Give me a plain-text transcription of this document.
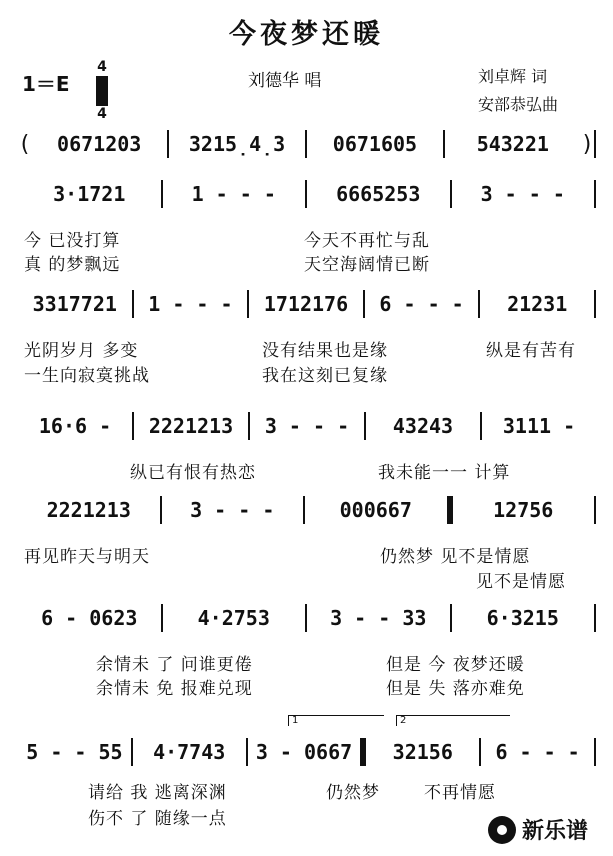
今夜梦还暖
1＝E
4
4
刘德华 唱	刘卓辉 词
安部恭弘曲
(	0671203	3215̣4̣3	0671605	543221	)
3·1721	1 - - -	6665253	3 - - -
今 已没打算	今天不再忙与乱
真 的梦飘远	天空海阔情已断
3317721	1 - - -	1712176	6 - - -	21231
光阴岁月 多变	没有结果也是缘	纵是有苦有
一生向寂寞挑战	我在这刻已复缘
16·6 -	2221213	3 - - -	43243	3111 -
纵已有恨有热恋	我未能一一 计算
2221213	3 - - -	000667	12756
再见昨天与明天	仍然梦 见不是情愿
见不是情愿
6 - 0623	4·2753	3 - - 33	6·3215
余情未 了 问谁更倦	但是 今 夜梦还暖
余情未 免 报难兑现	但是 失 落亦难免
1	2
5 - - 55	4·7743	3 - 0667	32156	6 - - -
请给 我 逃离深渊	仍然梦	不再情愿
伤不 了 随缘一点	新乐谱
